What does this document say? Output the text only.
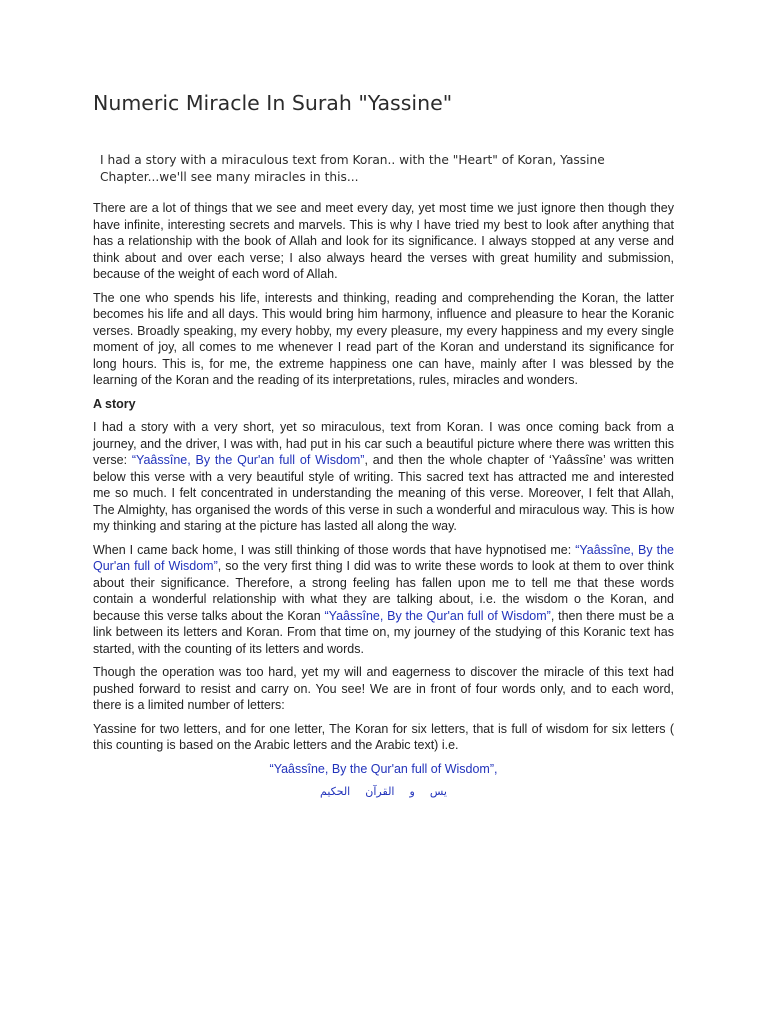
Numeric Miracle In Surah "Yassine"

I had a story with a miraculous text from Koran.. with the "Heart" of Koran, Yassine Chapter...we'll see many miracles in this...

There are a lot of things that we see and meet every day, yet most time we just ignore then though they have infinite, interesting secrets and marvels. This is why I have tried my best to look after anything that has a relationship with the book of Allah and look for its significance. I always stopped at any verse and think about and over each verse; I also always heard the verses with great humility and submission, because of the weight of each word of Allah.

The one who spends his life, interests and thinking, reading and comprehending the Koran, the latter becomes his life and all days. This would bring him harmony, influence and pleasure to hear the Koranic verses. Broadly speaking, my every hobby, my every pleasure, my every happiness and my every single moment of joy, all comes to me whenever I read part of the Koran and understand its significance for long hours. This is, for me, the extreme happiness one can have, mainly after I was blessed by the learning of the Koran and the reading of its interpretations, rules, miracles and wonders.

A story

I had a story with a very short, yet so miraculous, text from Koran. I was once coming back from a journey, and the driver, I was with, had put in his car such a beautiful picture where there was written this verse: “Yaâssîne, By the Qur'an full of Wisdom”, and then the whole chapter of ‘Yaâssîne’ was written below this verse with a very beautiful style of writing. This sacred text has attracted me and interested me so much. I felt concentrated in understanding the meaning of this verse. Moreover, I felt that Allah, The Almighty, has organised the words of this verse in such a wonderful and miraculous way. This is how my thinking and staring at the picture has lasted all along the way.

When I came back home, I was still thinking of those words that have hypnotised me: “Yaâssîne, By the Qur'an full of Wisdom”, so the very first thing I did was to write these words to look at them to over think about their significance. Therefore, a strong feeling has fallen upon me to tell me that these words contain a wonderful relationship with what they are talking about, i.e. the wisdom o the Koran, and because this verse talks about the Koran “Yaâssîne, By the Qur'an full of Wisdom”, then there must be a link between its letters and Koran. From that time on, my journey of the studying of this Koranic text has started, with the counting of its letters and words.

Though the operation was too hard, yet my will and eagerness to discover the miracle of this text had pushed forward to resist and carry on. You see! We are in front of four words only, and to each word, there is a limited number of letters:

Yassine for two letters, and for one letter, The Koran for six letters, that is full of wisdom for six letters ( this counting is based on the Arabic letters and the Arabic text) i.e.

“Yaâssîne, By the Qur'an full of Wisdom”,

يس و القرآن الحكيم
